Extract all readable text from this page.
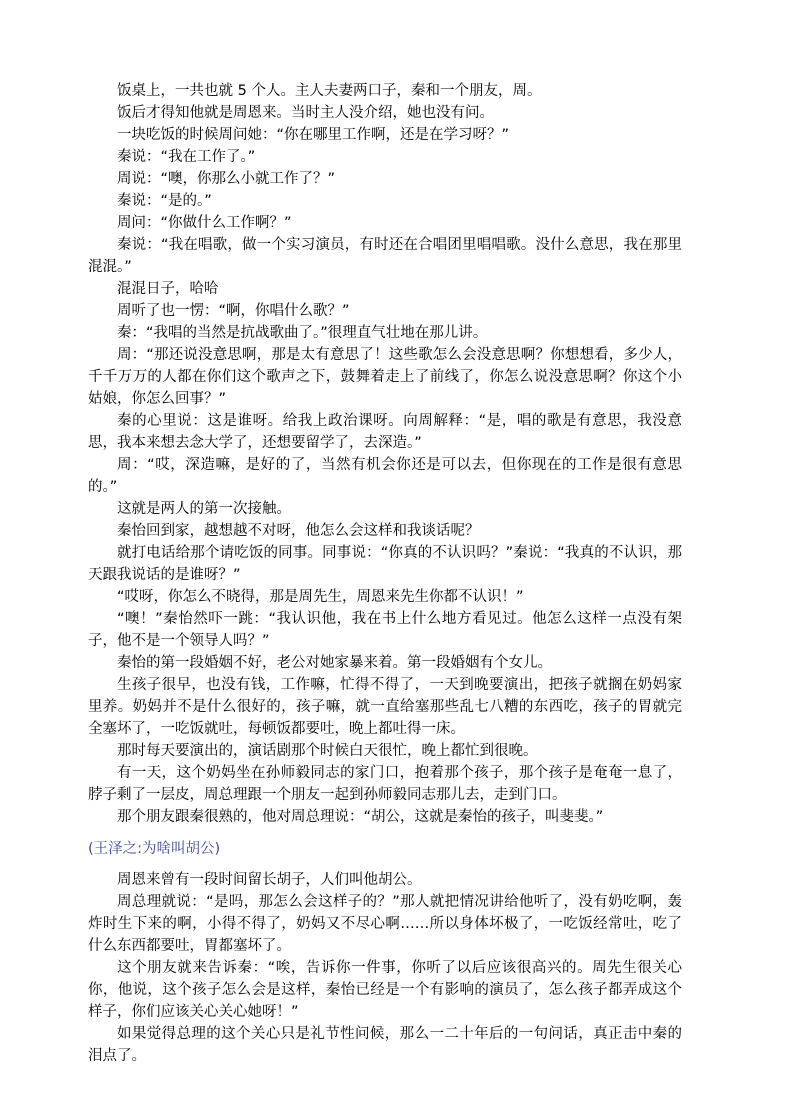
饭桌上，一共也就 5 个人。主人夫妻两口子，秦和一个朋友，周。

饭后才得知他就是周恩来。当时主人没介绍，她也没有问。

一块吃饭的时候周问她：“你在哪里工作啊，还是在学习呀？”

秦说：“我在工作了。”

周说：“噢，你那么小就工作了？”

秦说：“是的。”

周问：“你做什么工作啊？”

秦说：“我在唱歌，做一个实习演员，有时还在合唱团里唱唱歌。没什么意思，我在那里混混。”

混混日子，哈哈

周听了也一愣：“啊，你唱什么歌？”

秦：“我唱的当然是抗战歌曲了。”很理直气壮地在那儿讲。

周：“那还说没意思啊，那是太有意思了！这些歌怎么会没意思啊？你想想看，多少人，千千万万的人都在你们这个歌声之下，鼓舞着走上了前线了，你怎么说没意思啊？你这个小姑娘，你怎么回事？”

秦的心里说：这是谁呀。给我上政治课呀。向周解释：“是，唱的歌是有意思，我没意思，我本来想去念大学了，还想要留学了，去深造。”

周：“哎，深造嘛，是好的了，当然有机会你还是可以去，但你现在的工作是很有意思的。”

这就是两人的第一次接触。

秦怡回到家，越想越不对呀，他怎么会这样和我谈话呢？

就打电话给那个请吃饭的同事。同事说：“你真的不认识吗？”秦说：“我真的不认识，那天跟我说话的是谁呀？”

“哎呀，你怎么不晓得，那是周先生，周恩来先生你都不认识！”

“噢！”秦怡然吓一跳：“我认识他，我在书上什么地方看见过。他怎么这样一点没有架子，他不是一个领导人吗？”

秦怡的第一段婚姻不好，老公对她家暴来着。第一段婚姻有个女儿。

生孩子很早，也没有钱，工作嘛，忙得不得了，一天到晚要演出，把孩子就搁在奶妈家里养。奶妈并不是什么很好的，孩子嘛，就一直给塞那些乱七八糟的东西吃，孩子的胃就完全塞坏了，一吃饭就吐，每顿饭都要吐，晚上都吐得一床。

那时每天要演出的，演话剧那个时候白天很忙，晚上都忙到很晚。

有一天，这个奶妈坐在孙师毅同志的家门口，抱着那个孩子，那个孩子是奄奄一息了，脖子剩了一层皮，周总理跟一个朋友一起到孙师毅同志那儿去，走到门口。

那个朋友跟秦很熟的，他对周总理说：“胡公，这就是秦怡的孩子，叫斐斐。”

(王泽之:为啥叫胡公)

周恩来曾有一段时间留长胡子，人们叫他胡公。

周总理就说：“是吗，那怎么会这样子的？”那人就把情况讲给他听了，没有奶吃啊，轰炸时生下来的啊，小得不得了，奶妈又不尽心啊……所以身体坏极了，一吃饭经常吐，吃了什么东西都要吐，胃都塞坏了。

这个朋友就来告诉秦：“唉，告诉你一件事，你听了以后应该很高兴的。周先生很关心你，他说，这个孩子怎么会是这样，秦怡已经是一个有影响的演员了，怎么孩子都弄成这个样子，你们应该关心关心她呀！”

如果觉得总理的这个关心只是礼节性问候，那么一二十年后的一句问话，真正击中秦的泪点了。
